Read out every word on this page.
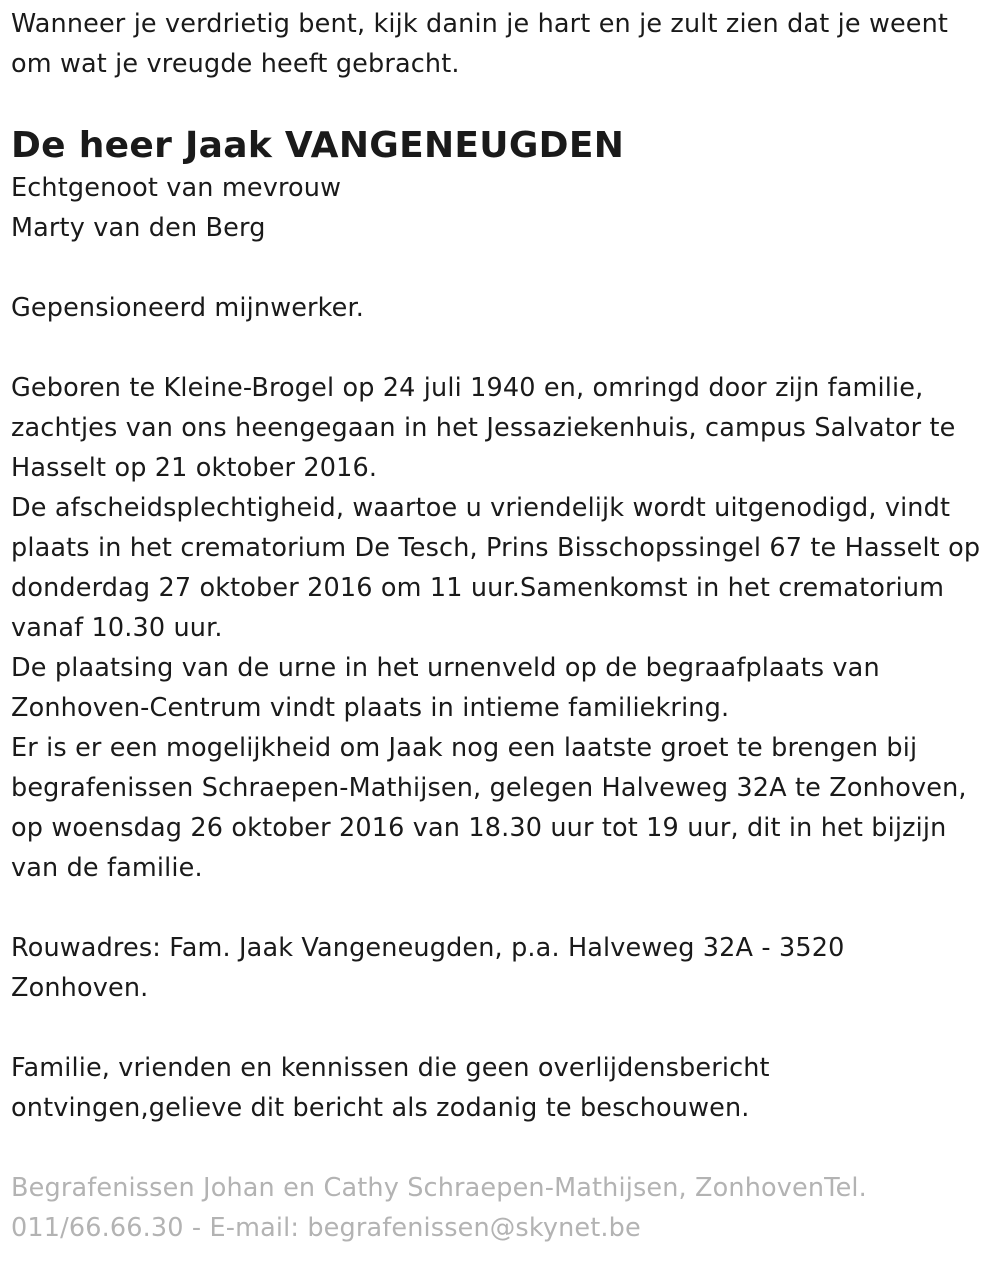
Wanneer je verdrietig bent, kijk danin je hart en je zult zien dat je weent om wat je vreugde heeft gebracht.

De heer Jaak VANGENEUGDEN

Echtgenoot van mevrouw

Marty van den Berg

Gepensioneerd mijnwerker.

Geboren te Kleine-Brogel op 24 juli 1940 en, omringd door zijn familie, zachtjes van ons heengegaan in het Jessaziekenhuis, campus Salvator te Hasselt op 21 oktober 2016.

De afscheidsplechtigheid, waartoe u vriendelijk wordt uitgenodigd, vindt plaats in het crematorium De Tesch, Prins Bisschopssingel 67 te Hasselt op donderdag 27 oktober 2016 om 11 uur.Samenkomst in het crematorium vanaf 10.30 uur.

De plaatsing van de urne in het urnenveld op de begraafplaats van Zonhoven-Centrum vindt plaats in intieme familiekring.

Er is er een mogelijkheid om Jaak nog een laatste groet te brengen bij begrafenissen Schraepen-Mathijsen, gelegen Halveweg 32A te Zonhoven, op woensdag 26 oktober 2016 van 18.30 uur tot 19 uur, dit in het bijzijn van de familie.

Rouwadres: Fam. Jaak Vangeneugden, p.a. Halveweg 32A - 3520 Zonhoven.

Familie, vrienden en kennissen die geen overlijdensbericht ontvingen,gelieve dit bericht als zodanig te beschouwen.

Begrafenissen Johan en Cathy Schraepen-Mathijsen, ZonhovenTel. 011/66.66.30 - E-mail: begrafenissen@skynet.be
